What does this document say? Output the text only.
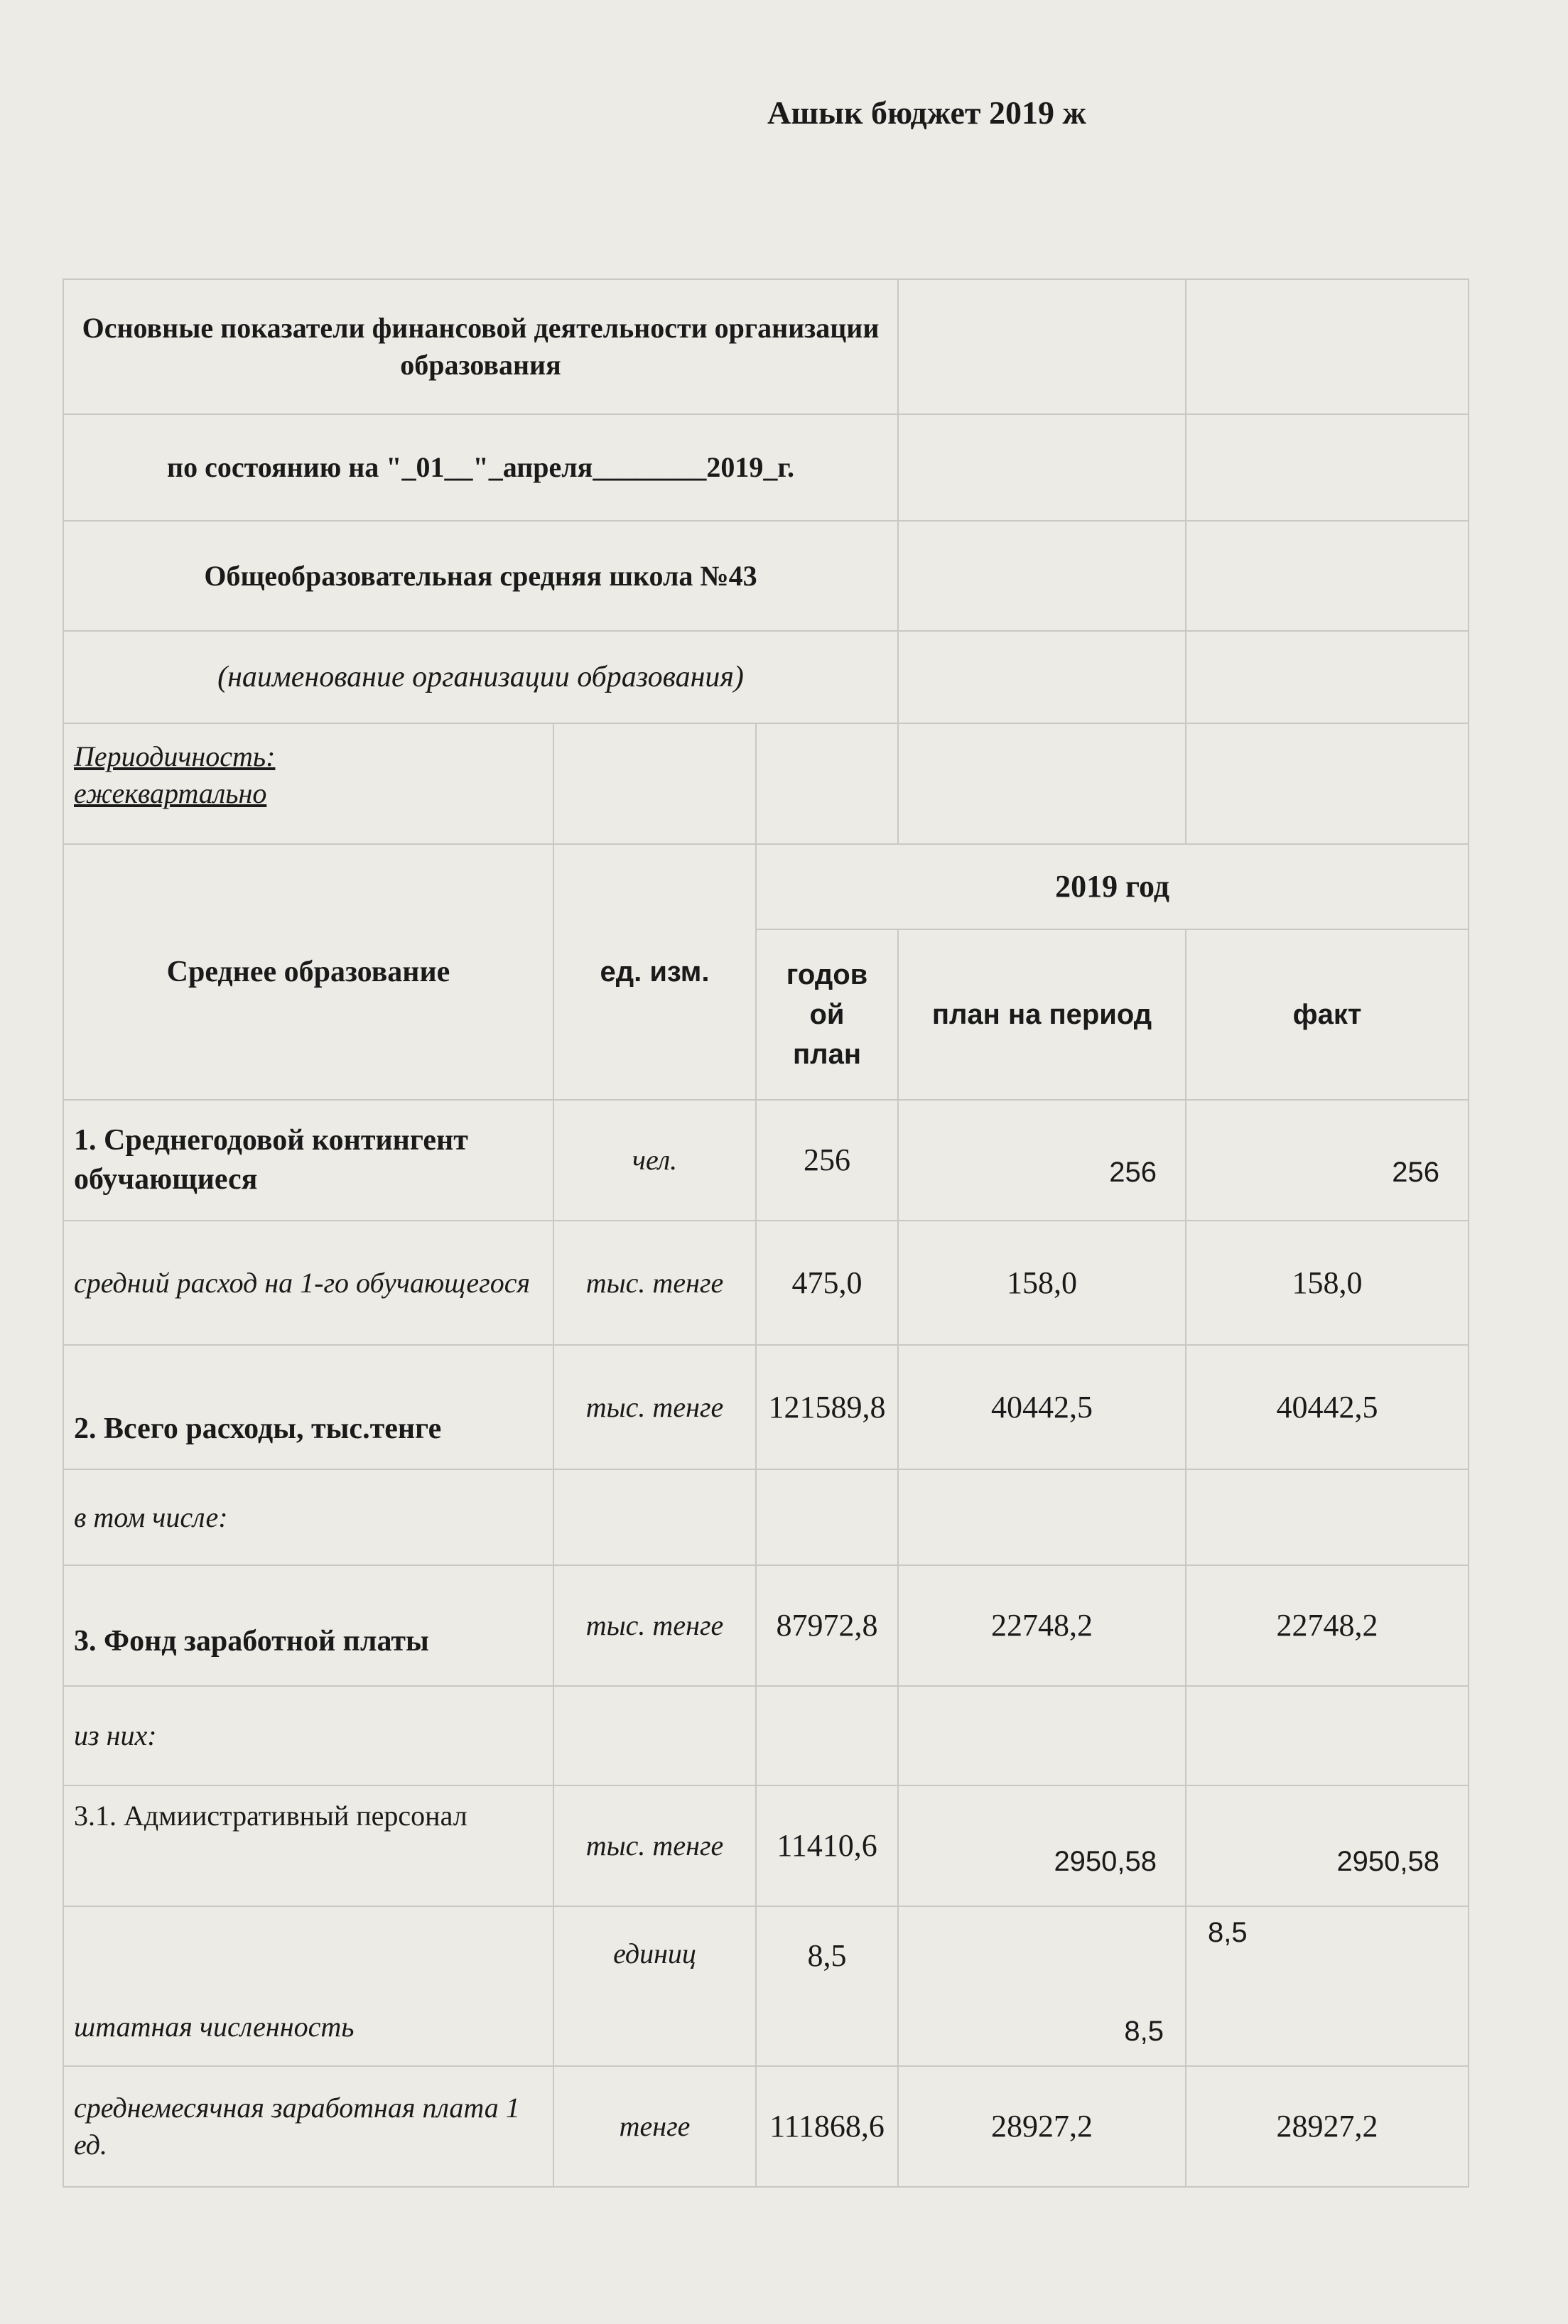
Ашык бюджет 2019 ж
Основные показатели финансовой деятельности организации образования				
по состоянию на "_01__"_апреля________2019_г.				
Общеобразовательная средняя школа №43				
(наименование организации образования)				

Периодичность:
ежеквартально				

Среднее образование	ед. изм.	2019 год		
		годов ой план	план на период	факт
1. Среднегодовой контингент обучающиеся	чел.	256	256	256
средний расход на 1-го обучающегося	тыс. тенге	475,0	158,0	158,0
2. Всего расходы, тыс.тенге	тыс. тенге	121589,8	40442,5	40442,5
в том числе:				
3. Фонд заработной платы	тыс. тенге	87972,8	22748,2	22748,2
из них:				
3.1. Адмиистративный персонал	тыс. тенге	11410,6	2950,58	2950,58
штатная численность	единиц	8,5	8,5	8,5
среднемесячная заработная плата 1 ед.	тенге	111868,6	28927,2	28927,2
